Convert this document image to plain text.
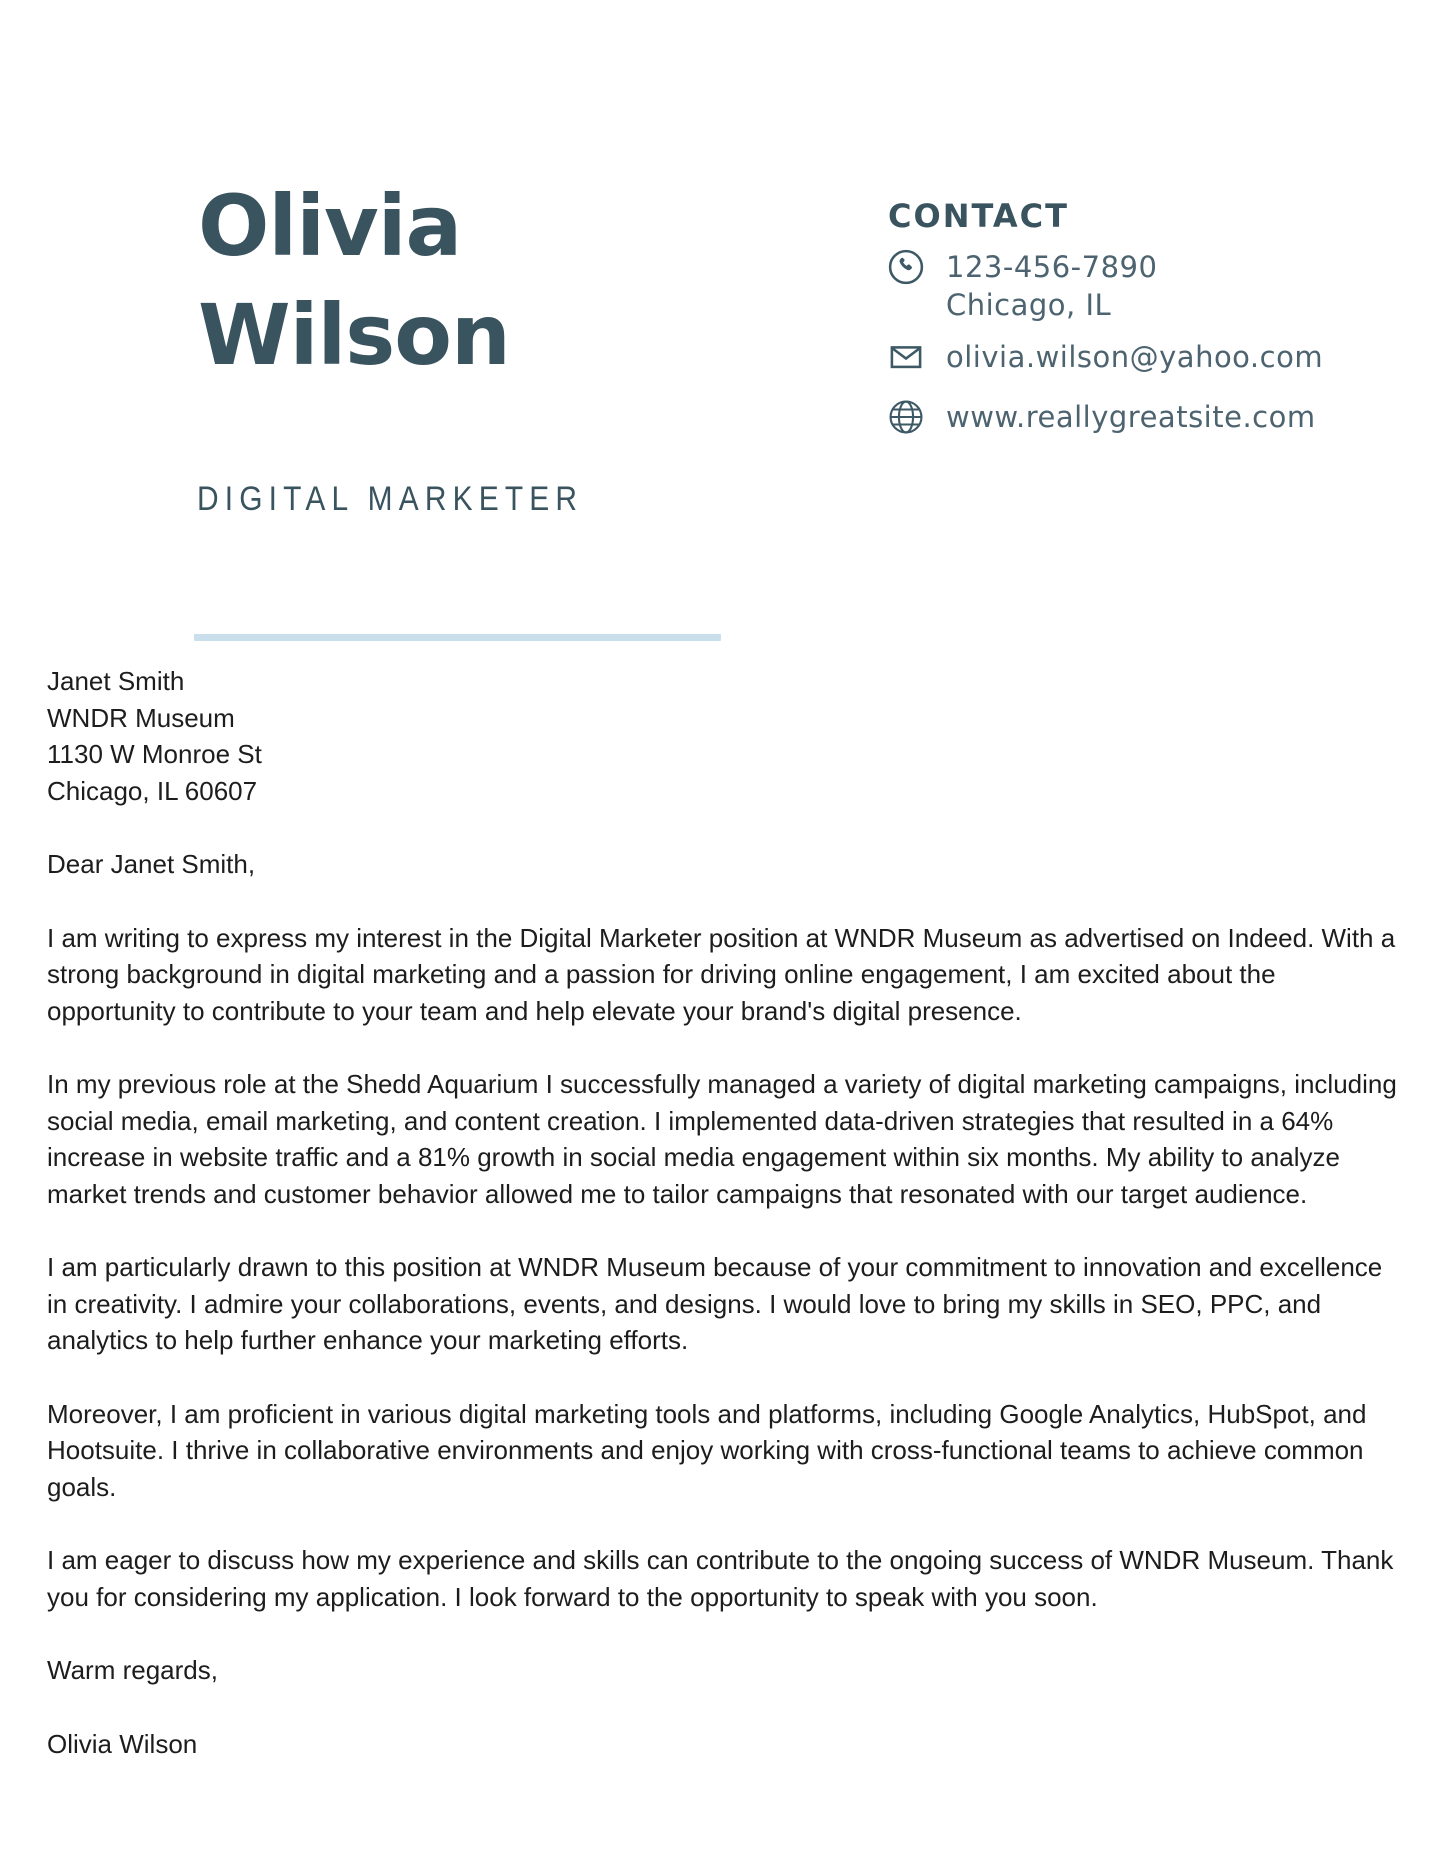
Olivia
Wilson
DIGITAL MARKETER
CONTACT
123-456-7890
Chicago, IL
olivia.wilson@yahoo.com
www.reallygreatsite.com
Janet Smith
WNDR Museum
1130 W Monroe St
Chicago, IL 60607

Dear Janet Smith,

I am writing to express my interest in the Digital Marketer position at WNDR Museum as advertised on Indeed. With a strong background in digital marketing and a passion for driving online engagement, I am excited about the opportunity to contribute to your team and help elevate your brand's digital presence.

In my previous role at the Shedd Aquarium I successfully managed a variety of digital marketing campaigns, including social media, email marketing, and content creation. I implemented data-driven strategies that resulted in a 64% increase in website traffic and a 81% growth in social media engagement within six months. My ability to analyze market trends and customer behavior allowed me to tailor campaigns that resonated with our target audience.

I am particularly drawn to this position at WNDR Museum because of your commitment to innovation and excellence in creativity. I admire your collaborations, events, and designs. I would love to bring my skills in SEO, PPC, and analytics to help further enhance your marketing efforts.

Moreover, I am proficient in various digital marketing tools and platforms, including Google Analytics, HubSpot, and Hootsuite. I thrive in collaborative environments and enjoy working with cross-functional teams to achieve common goals.

I am eager to discuss how my experience and skills can contribute to the ongoing success of WNDR Museum. Thank you for considering my application. I look forward to the opportunity to speak with you soon.

Warm regards,

Olivia Wilson
